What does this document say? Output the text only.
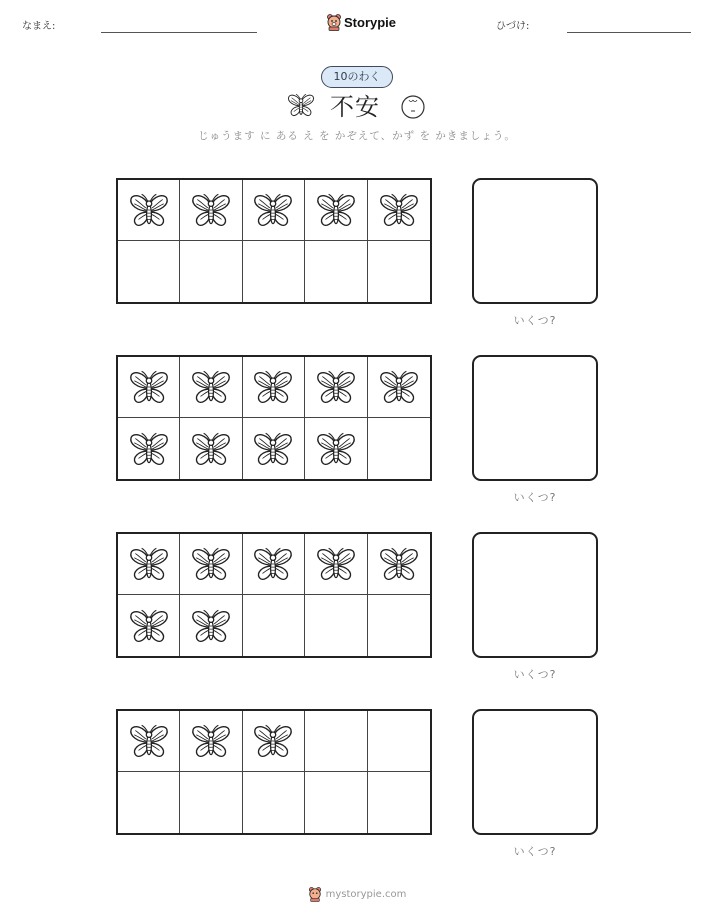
なまえ:	Storypie	ひづけ:
10のわく
不安
じゅうます に ある え を かぞえて、かず を かきましょう。
いくつ?
いくつ?
いくつ?
いくつ?
mystorypie.com
